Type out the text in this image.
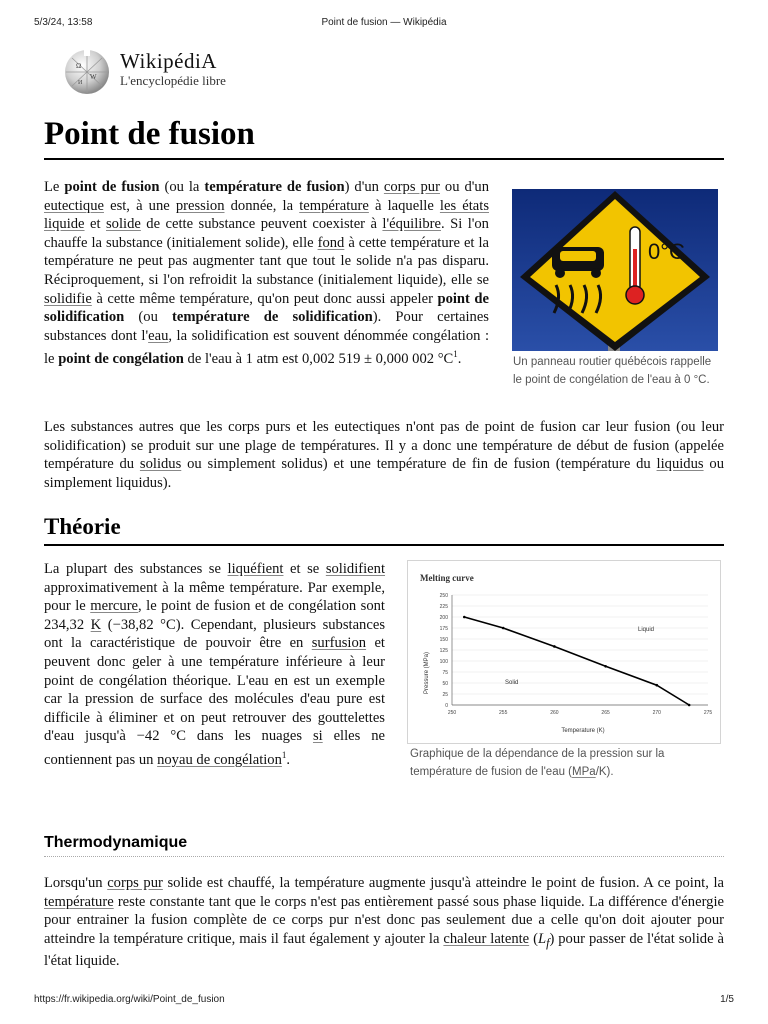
5/3/24, 13:58	Point de fusion — Wikipédia
Ω
W
И
WikipédiA
L'encyclopédie libre
Point de fusion

Le point de fusion (ou la température de fusion) d'un corps pur ou d'un eutectique est, à une pression donnée, la température à laquelle les états liquide et solide de cette substance peuvent coexister à l'équilibre. Si l'on chauffe la substance (initialement solide), elle fond à cette température et la température ne peut pas augmenter tant que tout le solide n'a pas disparu. Réciproquement, si l'on refroidit la substance (initialement liquide), elle se solidifie à cette même température, qu'on peut donc aussi appeler point de solidification (ou température de solidification). Pour certaines substances dont l'eau, la solidification est souvent dénommée congélation : le point de congélation de l'eau à 1 atm est 0,002 519 ± 0,000 002 $^\circ C^1$.

0°C

Un panneau routier québécois rappelle le point de congélation de l'eau à 0 °C.

Les substances autres que les corps purs et les eutectiques n'ont pas de point de fusion car leur fusion (ou leur solidification) se produit sur une plage de températures. Il y a donc une température de début de fusion (appelée température du solidus ou simplement solidus) et une température de fin de fusion (température du liquidus ou simplement liquidus).

Théorie

La plupart des substances se liquéfient et se solidifient approximativement à la même température. Par exemple, pour le mercure, le point de fusion et de congélation sont 234,32 K (−38,82 °C). Cependant, plusieurs substances ont la caractéristique de pouvoir être en surfusion et peuvent donc geler à une température inférieure à leur point de congélation théorique. L'eau en est un exemple car la pression de surface des molécules d'eau pure est difficile à éliminer et on peut retrouver des gouttelettes d'eau jusqu'à −42 °C dans les nuages si elles ne contiennent pas un noyau de congélation$^1$.

Melting curve
Pressure (MPa)
Temperature (K)
0
25
50
75
100
125
150
175
200
225
250
250	255	260	265	270	275
Liquid
Solid

Graphique de la dépendance de la pression sur la température de fusion de l'eau (MPa/K).

Thermodynamique

Lorsqu'un corps pur solide est chauffé, la température augmente jusqu'à atteindre le point de fusion. A ce point, la température reste constante tant que le corps n'est pas entièrement passé sous phase liquide. La différence d'énergie pour entrainer la fusion complète de ce corps pur n'est donc pas seulement due a celle qu'on doit ajouter pour atteindre la température critique, mais il faut également y ajouter la chaleur latente $(L_f)$ pour passer de l'état solide à l'état liquide.

https://fr.wikipedia.org/wiki/Point_de_fusion	1/5
